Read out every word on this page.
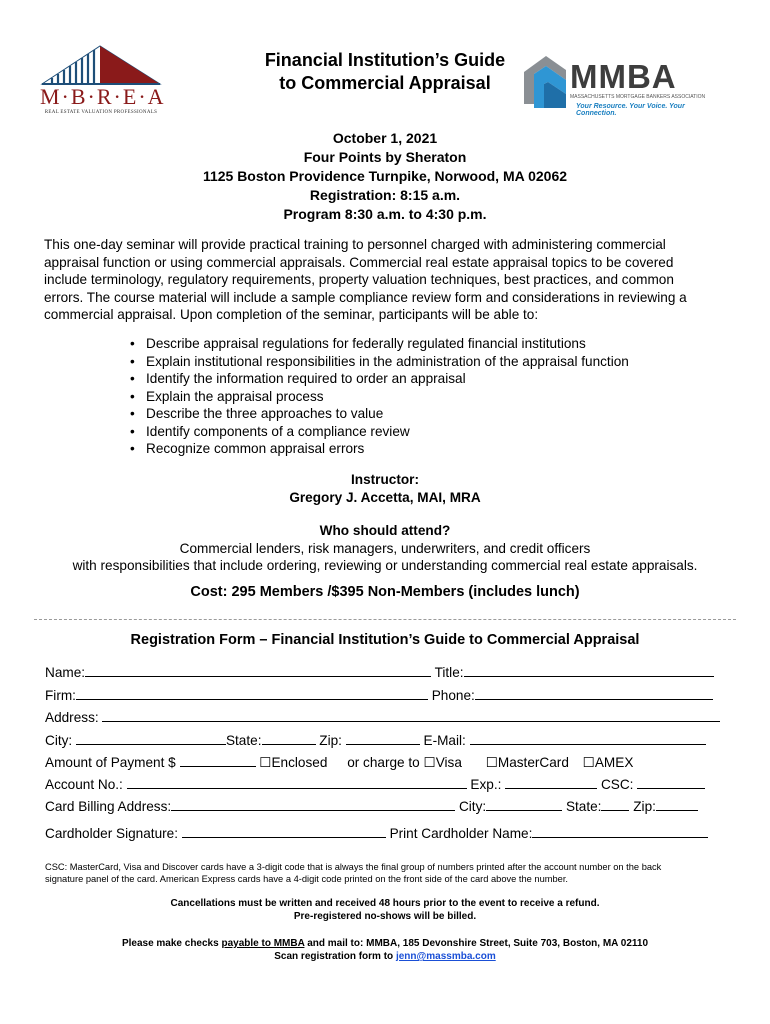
M·B·R·E·A
REAL ESTATE VALUATION PROFESSIONALS
MMBA
MASSACHUSETTS MORTGAGE BANKERS ASSOCIATION
Your Resource. Your Voice. Your Connection.
Financial Institution’s Guide
to Commercial Appraisal
October 1, 2021
Four Points by Sheraton
1125 Boston Providence Turnpike, Norwood, MA 02062
Registration: 8:15 a.m.
Program 8:30 a.m. to 4:30 p.m.
This one-day seminar will provide practical training to personnel charged with administering commercial
appraisal function or using commercial appraisals. Commercial real estate appraisal topics to be covered
include terminology, regulatory requirements, property valuation techniques, best practices, and common
errors. The course material will include a sample compliance review form and considerations in reviewing a
commercial appraisal. Upon completion of the seminar, participants will be able to:
• Describe appraisal regulations for federally regulated financial institutions
• Explain institutional responsibilities in the administration of the appraisal function
• Identify the information required to order an appraisal
• Explain the appraisal process
• Describe the three approaches to value
• Identify components of a compliance review
• Recognize common appraisal errors
Instructor:
Gregory J. Accetta, MAI, MRA
Who should attend?
Commercial lenders, risk managers, underwriters, and credit officers
with responsibilities that include ordering, reviewing or understanding commercial real estate appraisals.
Cost: 295 Members /$395 Non-Members (includes lunch)
Registration Form – Financial Institution’s Guide to Commercial Appraisal
Name:	Title:
Firm:	Phone:
Address:
City:	State:	Zip:	E-Mail:
Amount of Payment $	☐Enclosed or charge to ☐Visa ☐MasterCard ☐AMEX
Account No.:	Exp.:	CSC:
Card Billing Address:	City:	State: Zip:
Cardholder Signature:	Print Cardholder Name:
CSC: MasterCard, Visa and Discover cards have a 3-digit code that is always the final group of numbers printed after the account number on the back
signature panel of the card. American Express cards have a 4-digit code printed on the front side of the card above the number.
Cancellations must be written and received 48 hours prior to the event to receive a refund.
Pre-registered no-shows will be billed.
Please make checks payable to MMBA and mail to: MMBA, 185 Devonshire Street, Suite 703, Boston, MA 02110
Scan registration form to jenn@massmba.com
